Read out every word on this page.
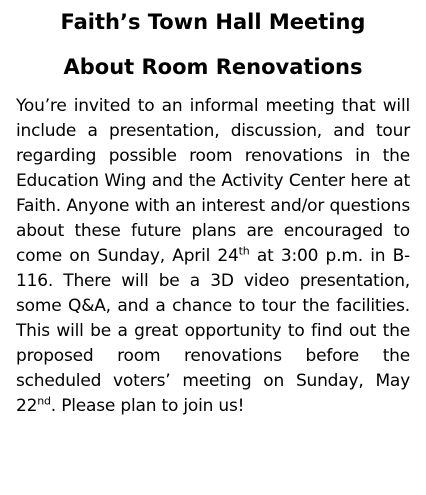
Faith’s Town Hall Meeting
About Room Renovations

You’re invited to an informal meeting that will include a presentation, discussion, and tour regarding possible room renovations in the Education Wing and the Activity Center here at Faith. Anyone with an interest and/or questions about these future plans are encouraged to come on Sunday, April 24th at 3:00 p.m. in B-116. There will be a 3D video presentation, some Q&A, and a chance to tour the facilities. This will be a great opportunity to find out the proposed room renovations before the scheduled voters’ meeting on Sunday, May 22nd. Please plan to join us!
